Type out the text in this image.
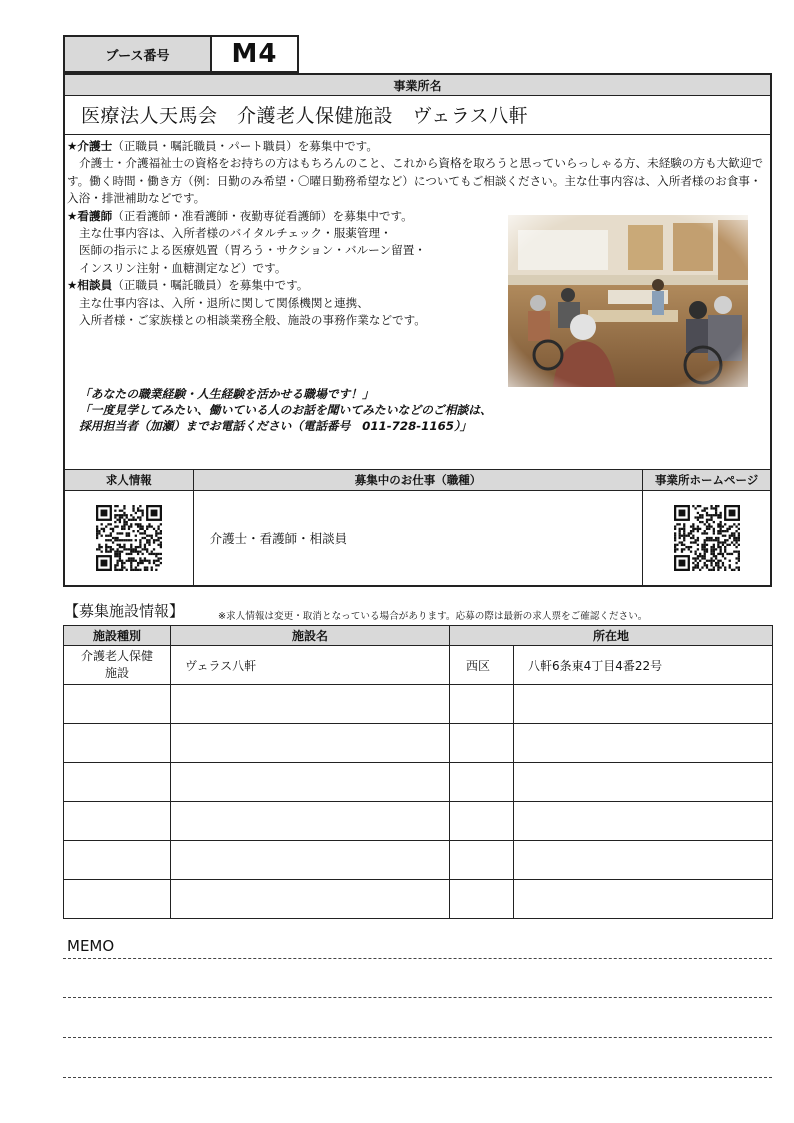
ブース番号	M4
事業所名
医療法人天馬会　介護老人保健施設　ヴェラス八軒

★介護士（正職員・嘱託職員・パート職員）を募集中です。

介護士・介護福祉士の資格をお持ちの方はもちろんのこと、これから資格を取ろうと思っていらっしゃる方、未経験の方も大歓迎です。働く時間・働き方（例：日勤のみ希望・〇曜日勤務希望など）についてもご相談ください。主な仕事内容は、入所者様のお食事・入浴・排泄補助などです。

★看護師（正看護師・准看護師・夜勤専従看護師）を募集中です。

主な仕事内容は、入所者様のバイタルチェック・服薬管理・

医師の指示による医療処置（胃ろう・サクション・バルーン留置・

インスリン注射・血糖測定など）です。

★相談員（正職員・嘱託職員）を募集中です。

主な仕事内容は、入所・退所に関して関係機関と連携、

入所者様・ご家族様との相談業務全般、施設の事務作業などです。

「あなたの職業経験・人生経験を活かせる職場です！」

「一度見学してみたい、働いている人のお話を聞いてみたいなどのご相談は、

採用担当者（加瀬）までお電話ください（電話番号　011-728-1165）」

求人情報	募集中のお仕事（職種）	事業所ホームページ
介護士・看護師・相談員
【募集施設情報】	※求人情報は変更・取消となっている場合があります。応募の際は最新の求人票をご確認ください。
施設種別	施設名	所在地	

介護老人保健
施設	ヴェラス八軒	西区	八軒6条東4丁目4番22号

MEMO
